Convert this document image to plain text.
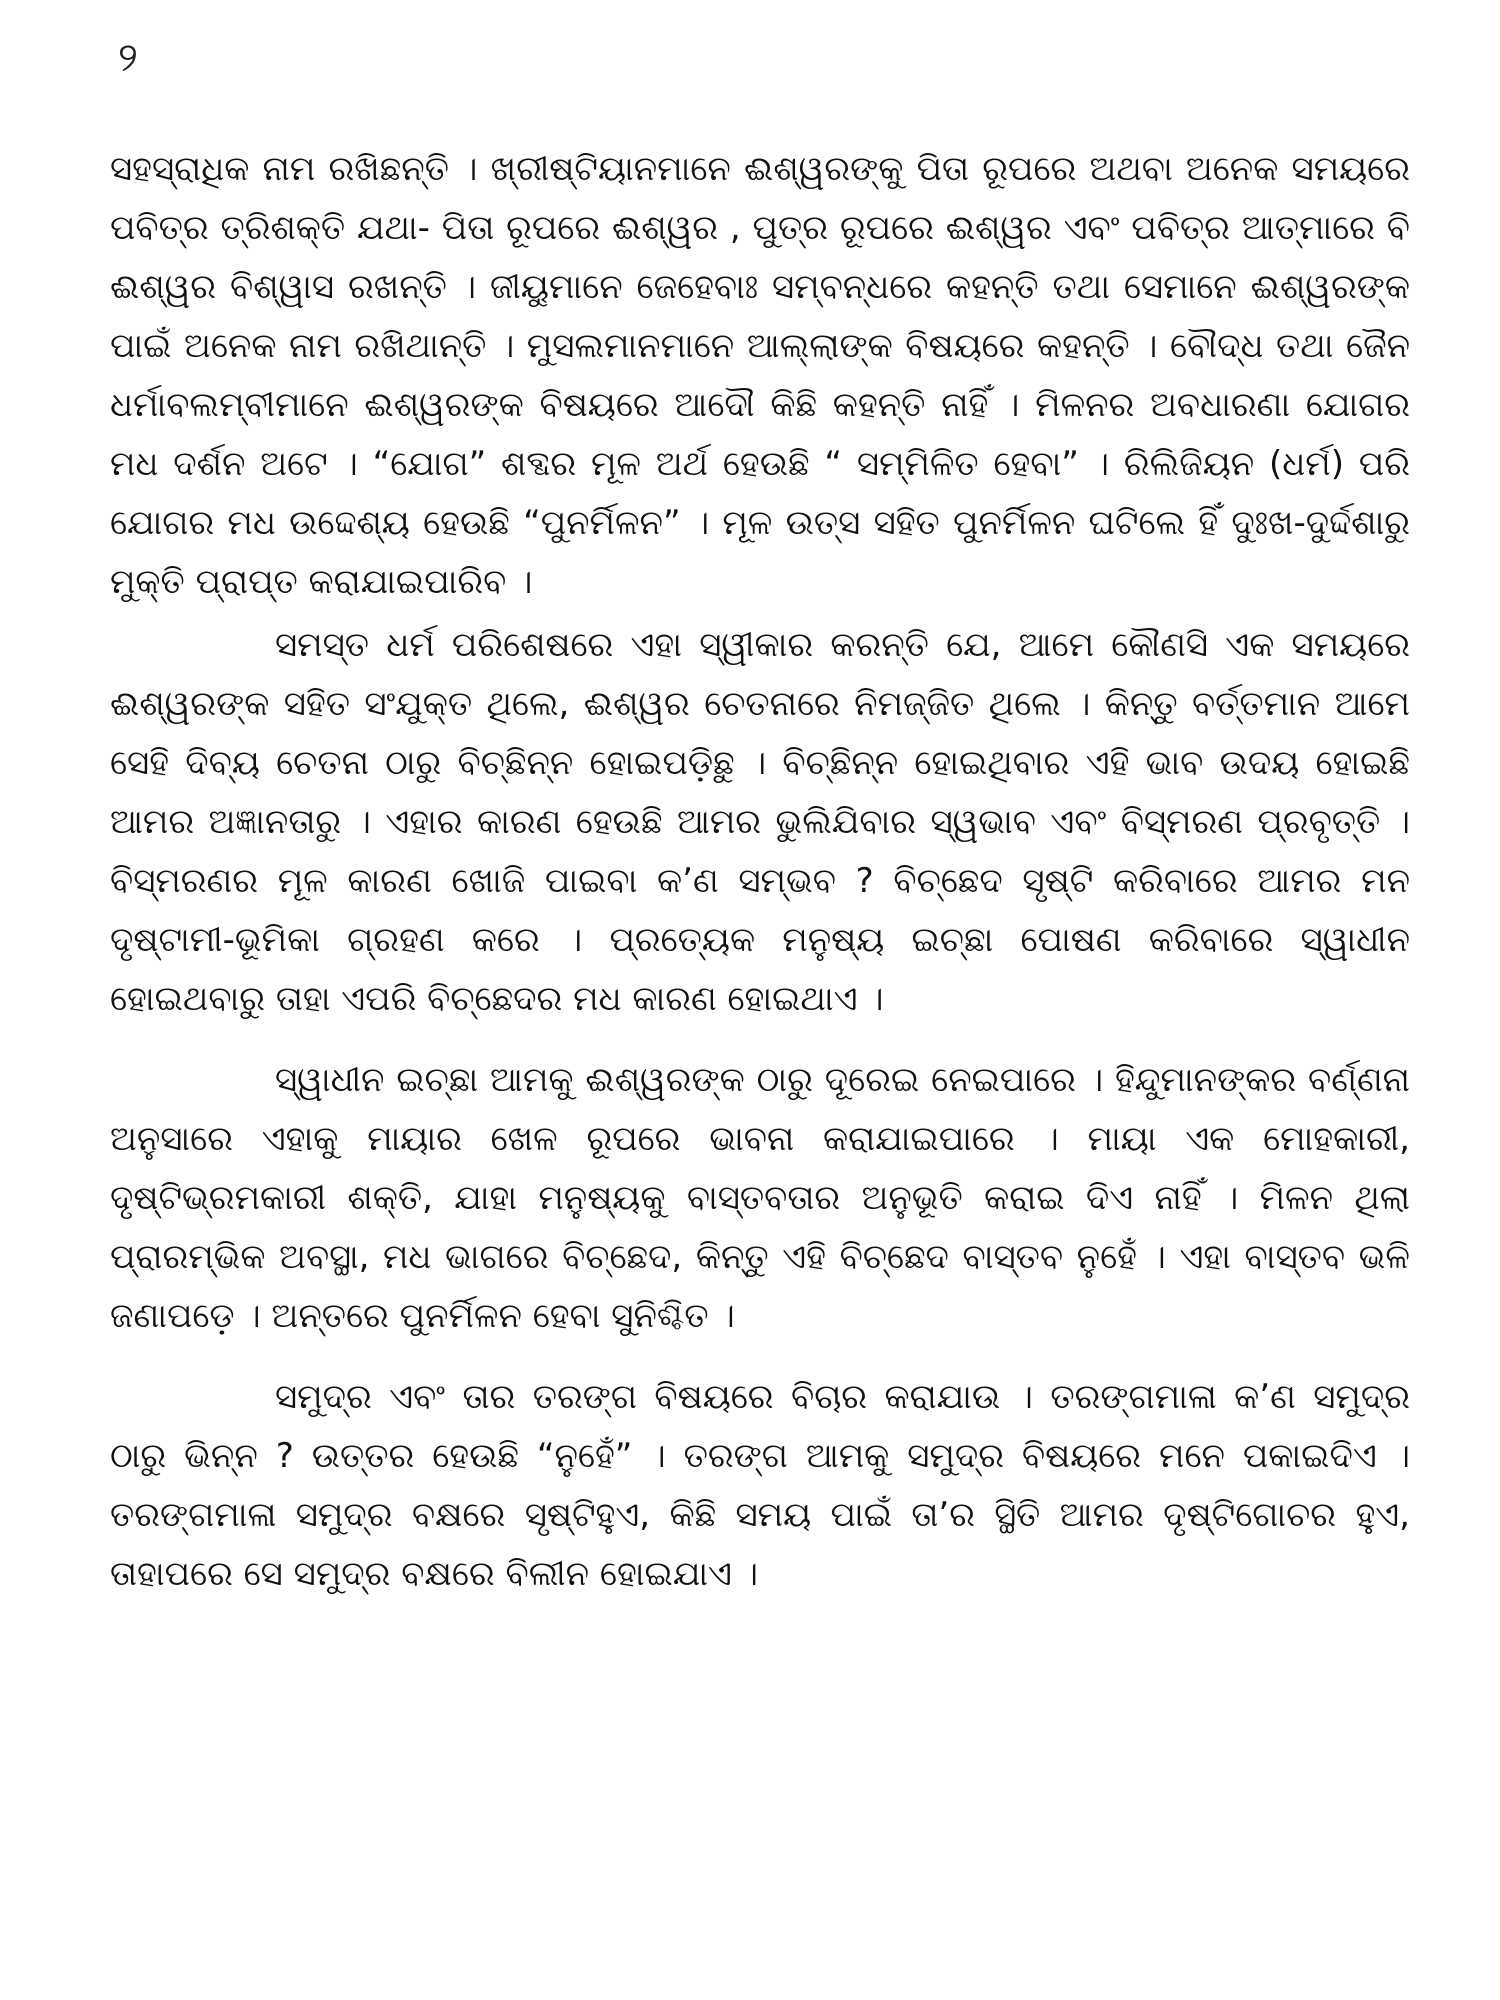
୨

ସହସ୍ରାଧିକ ନାମ ରଖିଛନ୍ତି । ଖ୍ରୀଷ୍ଟିୟାନମାନେ ଈଶ୍ୱରଙ୍କୁ ପିତା ରୂପରେ ଅଥବା ଅନେକ ସମୟରେ ପବିତ୍ର ତ୍ରିଶକ୍ତି ଯଥା- ପିତା ରୂପରେ ଈଶ୍ୱର , ପୁତ୍ର ରୂପରେ ଈଶ୍ୱର ଏବଂ ପବିତ୍ର ଆତ୍ମାରେ ବି ଈଶ୍ୱର ବିଶ୍ୱାସ ରଖନ୍ତି । ଜୀୟୁମାନେ ଜେହେବାଃ ସମ୍ବନ୍ଧରେ କହନ୍ତି ତଥା ସେମାନେ ଈଶ୍ୱରଙ୍କ ପାଇଁ ଅନେକ ନାମ ରଖିଥାନ୍ତି । ମୁସଲମାନମାନେ ଆଲ୍ଲାଙ୍କ ବିଷୟରେ କହନ୍ତି । ବୌଦ୍ଧ ତଥା ଜୈନ ଧର୍ମାବଲମ୍ବୀମାନେ ଈଶ୍ୱରଙ୍କ ବିଷୟରେ ଆଦୌ କିଛି କହନ୍ତି ନାହିଁ । ମିଳନର ଅବଧାରଣା ଯୋଗର ମଧ ଦର୍ଶନ ଅଟେ । “ଯୋଗ” ଶବ୍ଦର ମୂଳ ଅର୍ଥ ହେଉଛି “ ସମ୍ମିଳିତ ହେବା” । ରିଲିଜିୟନ (ଧର୍ମ) ପରି ଯୋଗର ମଧ ଉଦ୍ଦେଶ୍ୟ ହେଉଛି “ପୁନର୍ମିଳନ” । ମୂଳ ଉତ୍ସ ସହିତ ପୁନର୍ମିଳନ ଘଟିଲେ ହିଁ ଦୁଃଖ-ଦୁର୍ଦ୍ଦଶାରୁ ମୁକ୍ତି ପ୍ରାପ୍ତ କରାଯାଇପାରିବ ।

ସମସ୍ତ ଧର୍ମ ପରିଶେଷରେ ଏହା ସ୍ୱୀକାର କରନ୍ତି ଯେ, ଆମେ କୌଣସି ଏକ ସମୟରେ ଈଶ୍ୱରଙ୍କ ସହିତ ସଂଯୁକ୍ତ ଥିଲେ, ଈଶ୍ୱର ଚେତନାରେ ନିମଜ୍ଜିତ ଥିଲେ । କିନ୍ତୁ ବର୍ତ୍ତମାନ ଆମେ ସେହି ଦିବ୍ୟ ଚେତନା ଠାରୁ ବିଚ୍ଛିନ୍ନ ହୋଇପଡ଼ିଛୁ । ବିଚ୍ଛିନ୍ନ ହୋଇଥିବାର ଏହି ଭାବ ଉଦୟ ହୋଇଛି ଆମର ଅଜ୍ଞାନତାରୁ । ଏହାର କାରଣ ହେଉଛି ଆମର ଭୁଲିଯିବାର ସ୍ୱଭାବ ଏବଂ ବିସ୍ମରଣ ପ୍ରବୃତ୍ତି । ବିସ୍ମରଣର ମୂଳ କାରଣ ଖୋଜି ପାଇବା କ’ଣ ସମ୍ଭବ ? ବିଚ୍ଛେଦ ସୃଷ୍ଟି କରିବାରେ ଆମର ମନ ଦୃଷ୍ଟାମୀ-ଭୂମିକା ଗ୍ରହଣ କରେ । ପ୍ରତ୍ୟେକ ମନୁଷ୍ୟ ଇଚ୍ଛା ପୋଷଣ କରିବାରେ ସ୍ୱାଧୀନ ହୋଇଥବାରୁ ତାହା ଏପରି ବିଚ୍ଛେଦର ମଧ କାରଣ ହୋଇଥାଏ ।

ସ୍ୱାଧୀନ ଇଚ୍ଛା ଆମକୁ ଈଶ୍ୱରଙ୍କ ଠାରୁ ଦୂରେଇ ନେଇପାରେ । ହିନ୍ଦୁମାନଙ୍କର ବର୍ଣ୍ଣନା ଅନୁସାରେ ଏହାକୁ ମାୟାର ଖେଳ ରୂପରେ ଭାବନା କରାଯାଇପାରେ । ମାୟା ଏକ ମୋହକାରୀ, ଦୃଷ୍ଟିଭ୍ରମକାରୀ ଶକ୍ତି, ଯାହା ମନୁଷ୍ୟକୁ ବାସ୍ତବତାର ଅନୁଭୂତି କରାଇ ଦିଏ ନାହିଁ । ମିଳନ ଥିଲା ପ୍ରାରମ୍ଭିକ ଅବସ୍ଥା, ମଧ ଭାଗରେ ବିଚ୍ଛେଦ, କିନ୍ତୁ ଏହି ବିଚ୍ଛେଦ ବାସ୍ତବ ନୁହେଁ । ଏହା ବାସ୍ତବ ଭଳି ଜଣାପଡ଼େ । ଅନ୍ତରେ ପୁନର୍ମିଳନ ହେବା ସୁନିଶ୍ଚିତ ।

ସମୁଦ୍ର ଏବଂ ତାର ତରଙ୍ଗ ବିଷୟରେ ବିଚାର କରାଯାଉ । ତରଙ୍ଗମାଳା କ’ଣ ସମୁଦ୍ର ଠାରୁ ଭିନ୍ନ ? ଉତ୍ତର ହେଉଛି “ନୁହେଁ” । ତରଙ୍ଗ ଆମକୁ ସମୁଦ୍ର ବିଷୟରେ ମନେ ପକାଇଦିଏ । ତରଙ୍ଗମାଳା ସମୁଦ୍ର ବକ୍ଷରେ ସୃଷ୍ଟିହୁଏ, କିଛି ସମୟ ପାଇଁ ତା’ର ସ୍ଥିତି ଆମର ଦୃଷ୍ଟିଗୋଚର ହୁଏ, ତାହାପରେ ସେ ସମୁଦ୍ର ବକ୍ଷରେ ବିଲୀନ ହୋଇଯାଏ ।
